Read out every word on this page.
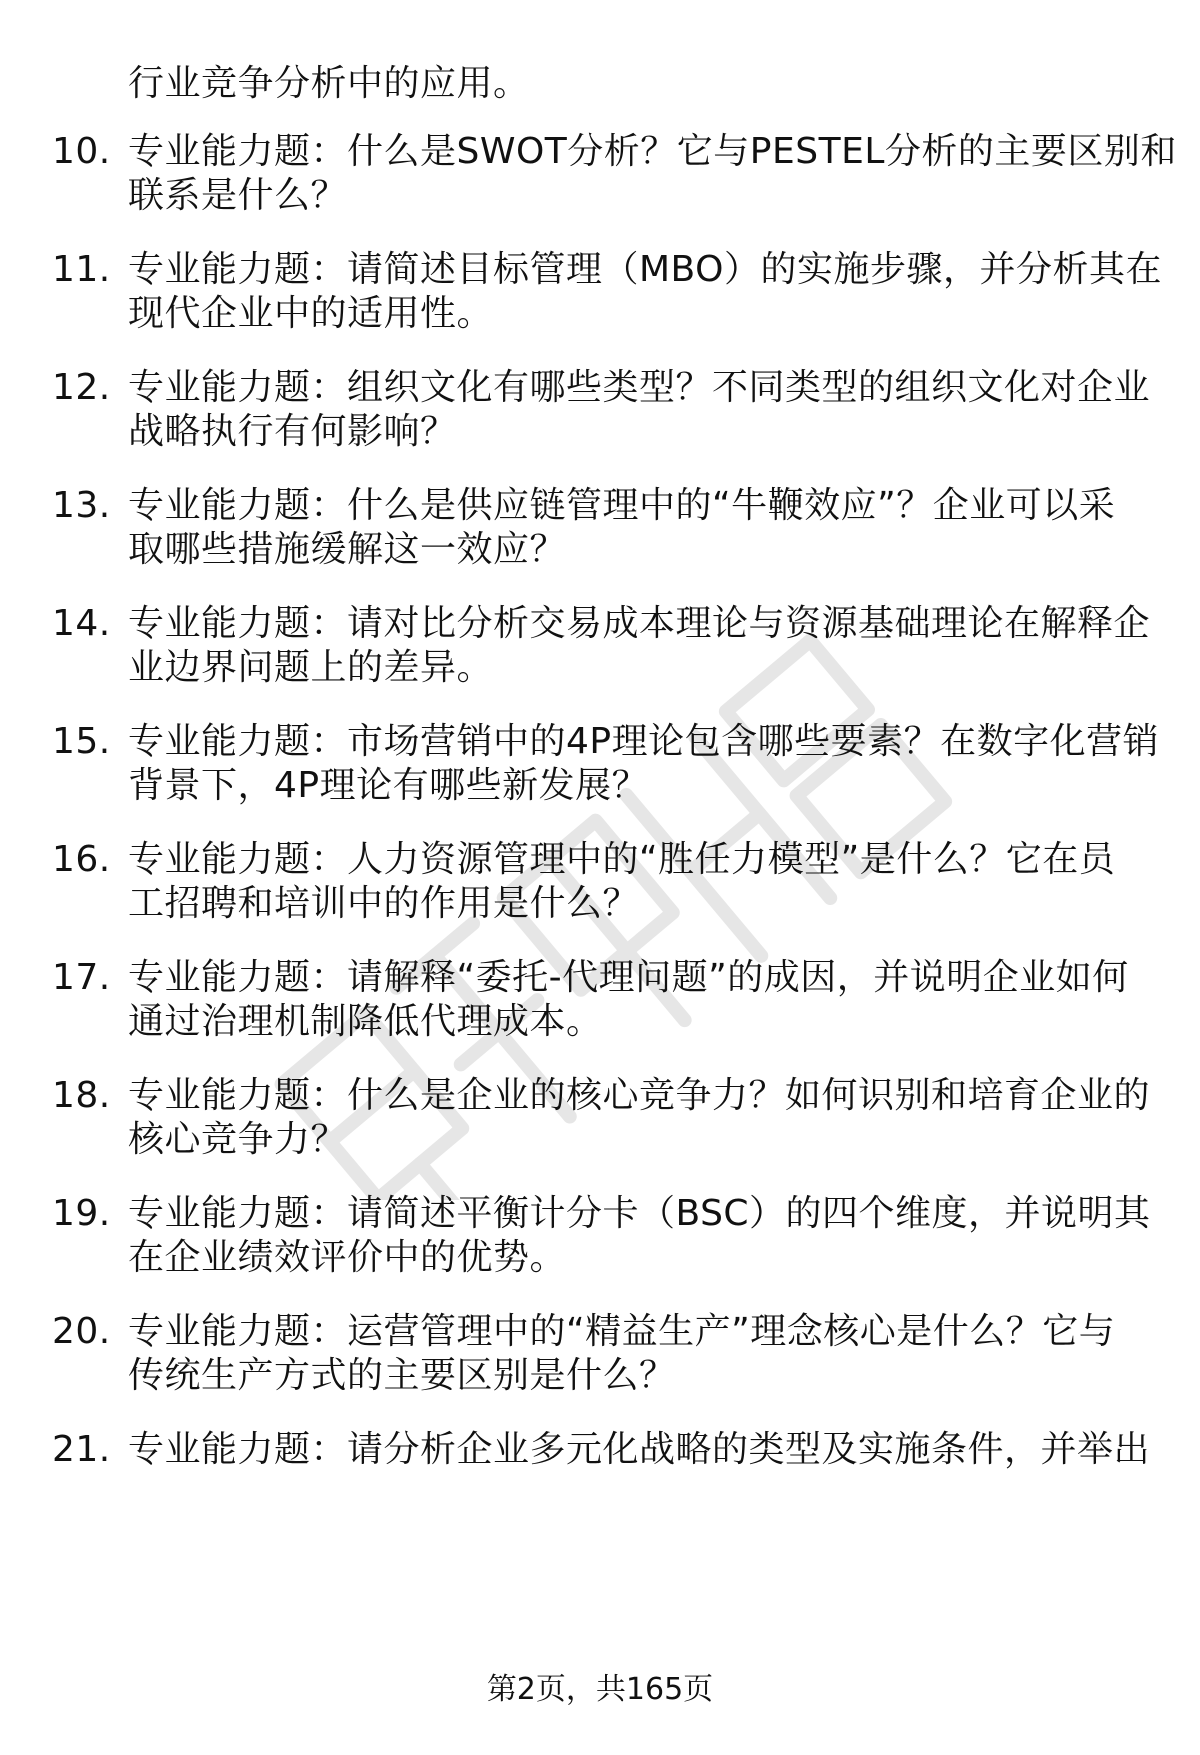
行业竞争分析中的应用。
10. 专业能力题：什么是SWOT分析？它与PESTEL分析的主要区别和
联系是什么？
11. 专业能力题：请简述目标管理（MBO）的实施步骤，并分析其在
现代企业中的适用性。
12. 专业能力题：组织文化有哪些类型？不同类型的组织文化对企业
战略执行有何影响？
13. 专业能力题：什么是供应链管理中的“牛鞭效应”？企业可以采
取哪些措施缓解这一效应？
14. 专业能力题：请对比分析交易成本理论与资源基础理论在解释企
业边界问题上的差异。
15. 专业能力题：市场营销中的4P理论包含哪些要素？在数字化营销
背景下，4P理论有哪些新发展？
16. 专业能力题：人力资源管理中的“胜任力模型”是什么？它在员
工招聘和培训中的作用是什么？
17. 专业能力题：请解释“委托-代理问题”的成因，并说明企业如何
通过治理机制降低代理成本。
18. 专业能力题：什么是企业的核心竞争力？如何识别和培育企业的
核心竞争力？
19. 专业能力题：请简述平衡计分卡（BSC）的四个维度，并说明其
在企业绩效评价中的优势。
20. 专业能力题：运营管理中的“精益生产”理念核心是什么？它与
传统生产方式的主要区别是什么？
21. 专业能力题：请分析企业多元化战略的类型及实施条件，并举出
第2页，共165页
